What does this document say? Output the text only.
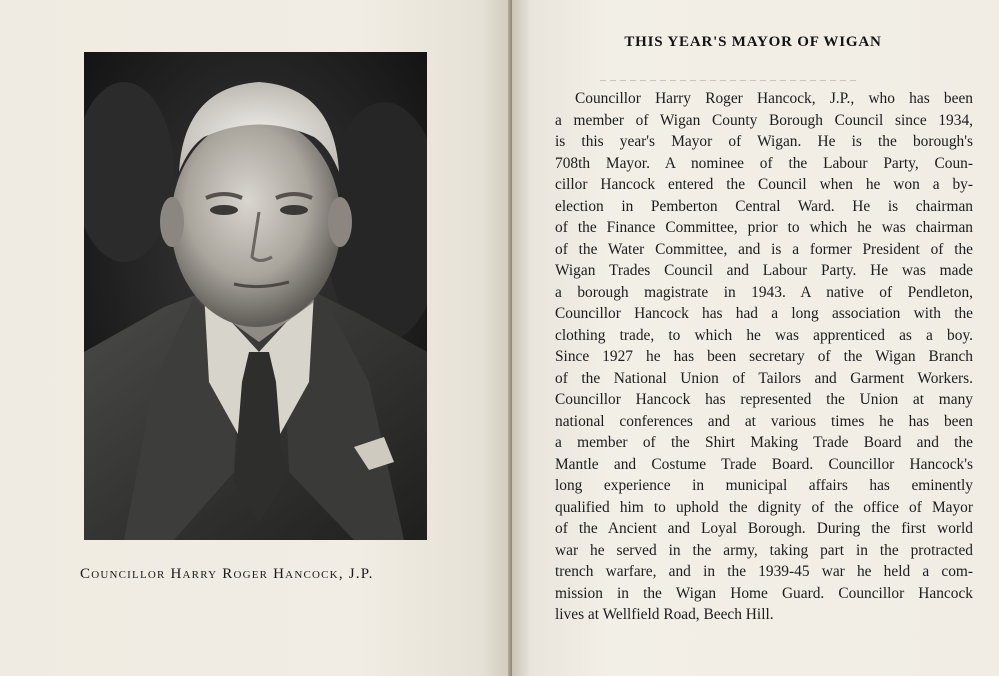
Councillor Harry Roger Hancock, J.P.
THIS YEAR'S MAYOR OF WIGAN
Councillor Harry Roger Hancock, J.P., who has been
a member of Wigan County Borough Council since 1934,
is this year's Mayor of Wigan. He is the borough's
708th Mayor. A nominee of the Labour Party, Coun-
cillor Hancock entered the Council when he won a by-
election in Pemberton Central Ward. He is chairman
of the Finance Committee, prior to which he was chairman
of the Water Committee, and is a former President of the
Wigan Trades Council and Labour Party. He was made
a borough magistrate in 1943. A native of Pendleton,
Councillor Hancock has had a long association with the
clothing trade, to which he was apprenticed as a boy.
Since 1927 he has been secretary of the Wigan Branch
of the National Union of Tailors and Garment Workers.
Councillor Hancock has represented the Union at many
national conferences and at various times he has been
a member of the Shirt Making Trade Board and the
Mantle and Costume Trade Board. Councillor Hancock's
long experience in municipal affairs has eminently
qualified him to uphold the dignity of the office of Mayor
of the Ancient and Loyal Borough. During the first world
war he served in the army, taking part in the protracted
trench warfare, and in the 1939-45 war he held a com-
mission in the Wigan Home Guard. Councillor Hancock
lives at Wellfield Road, Beech Hill.
